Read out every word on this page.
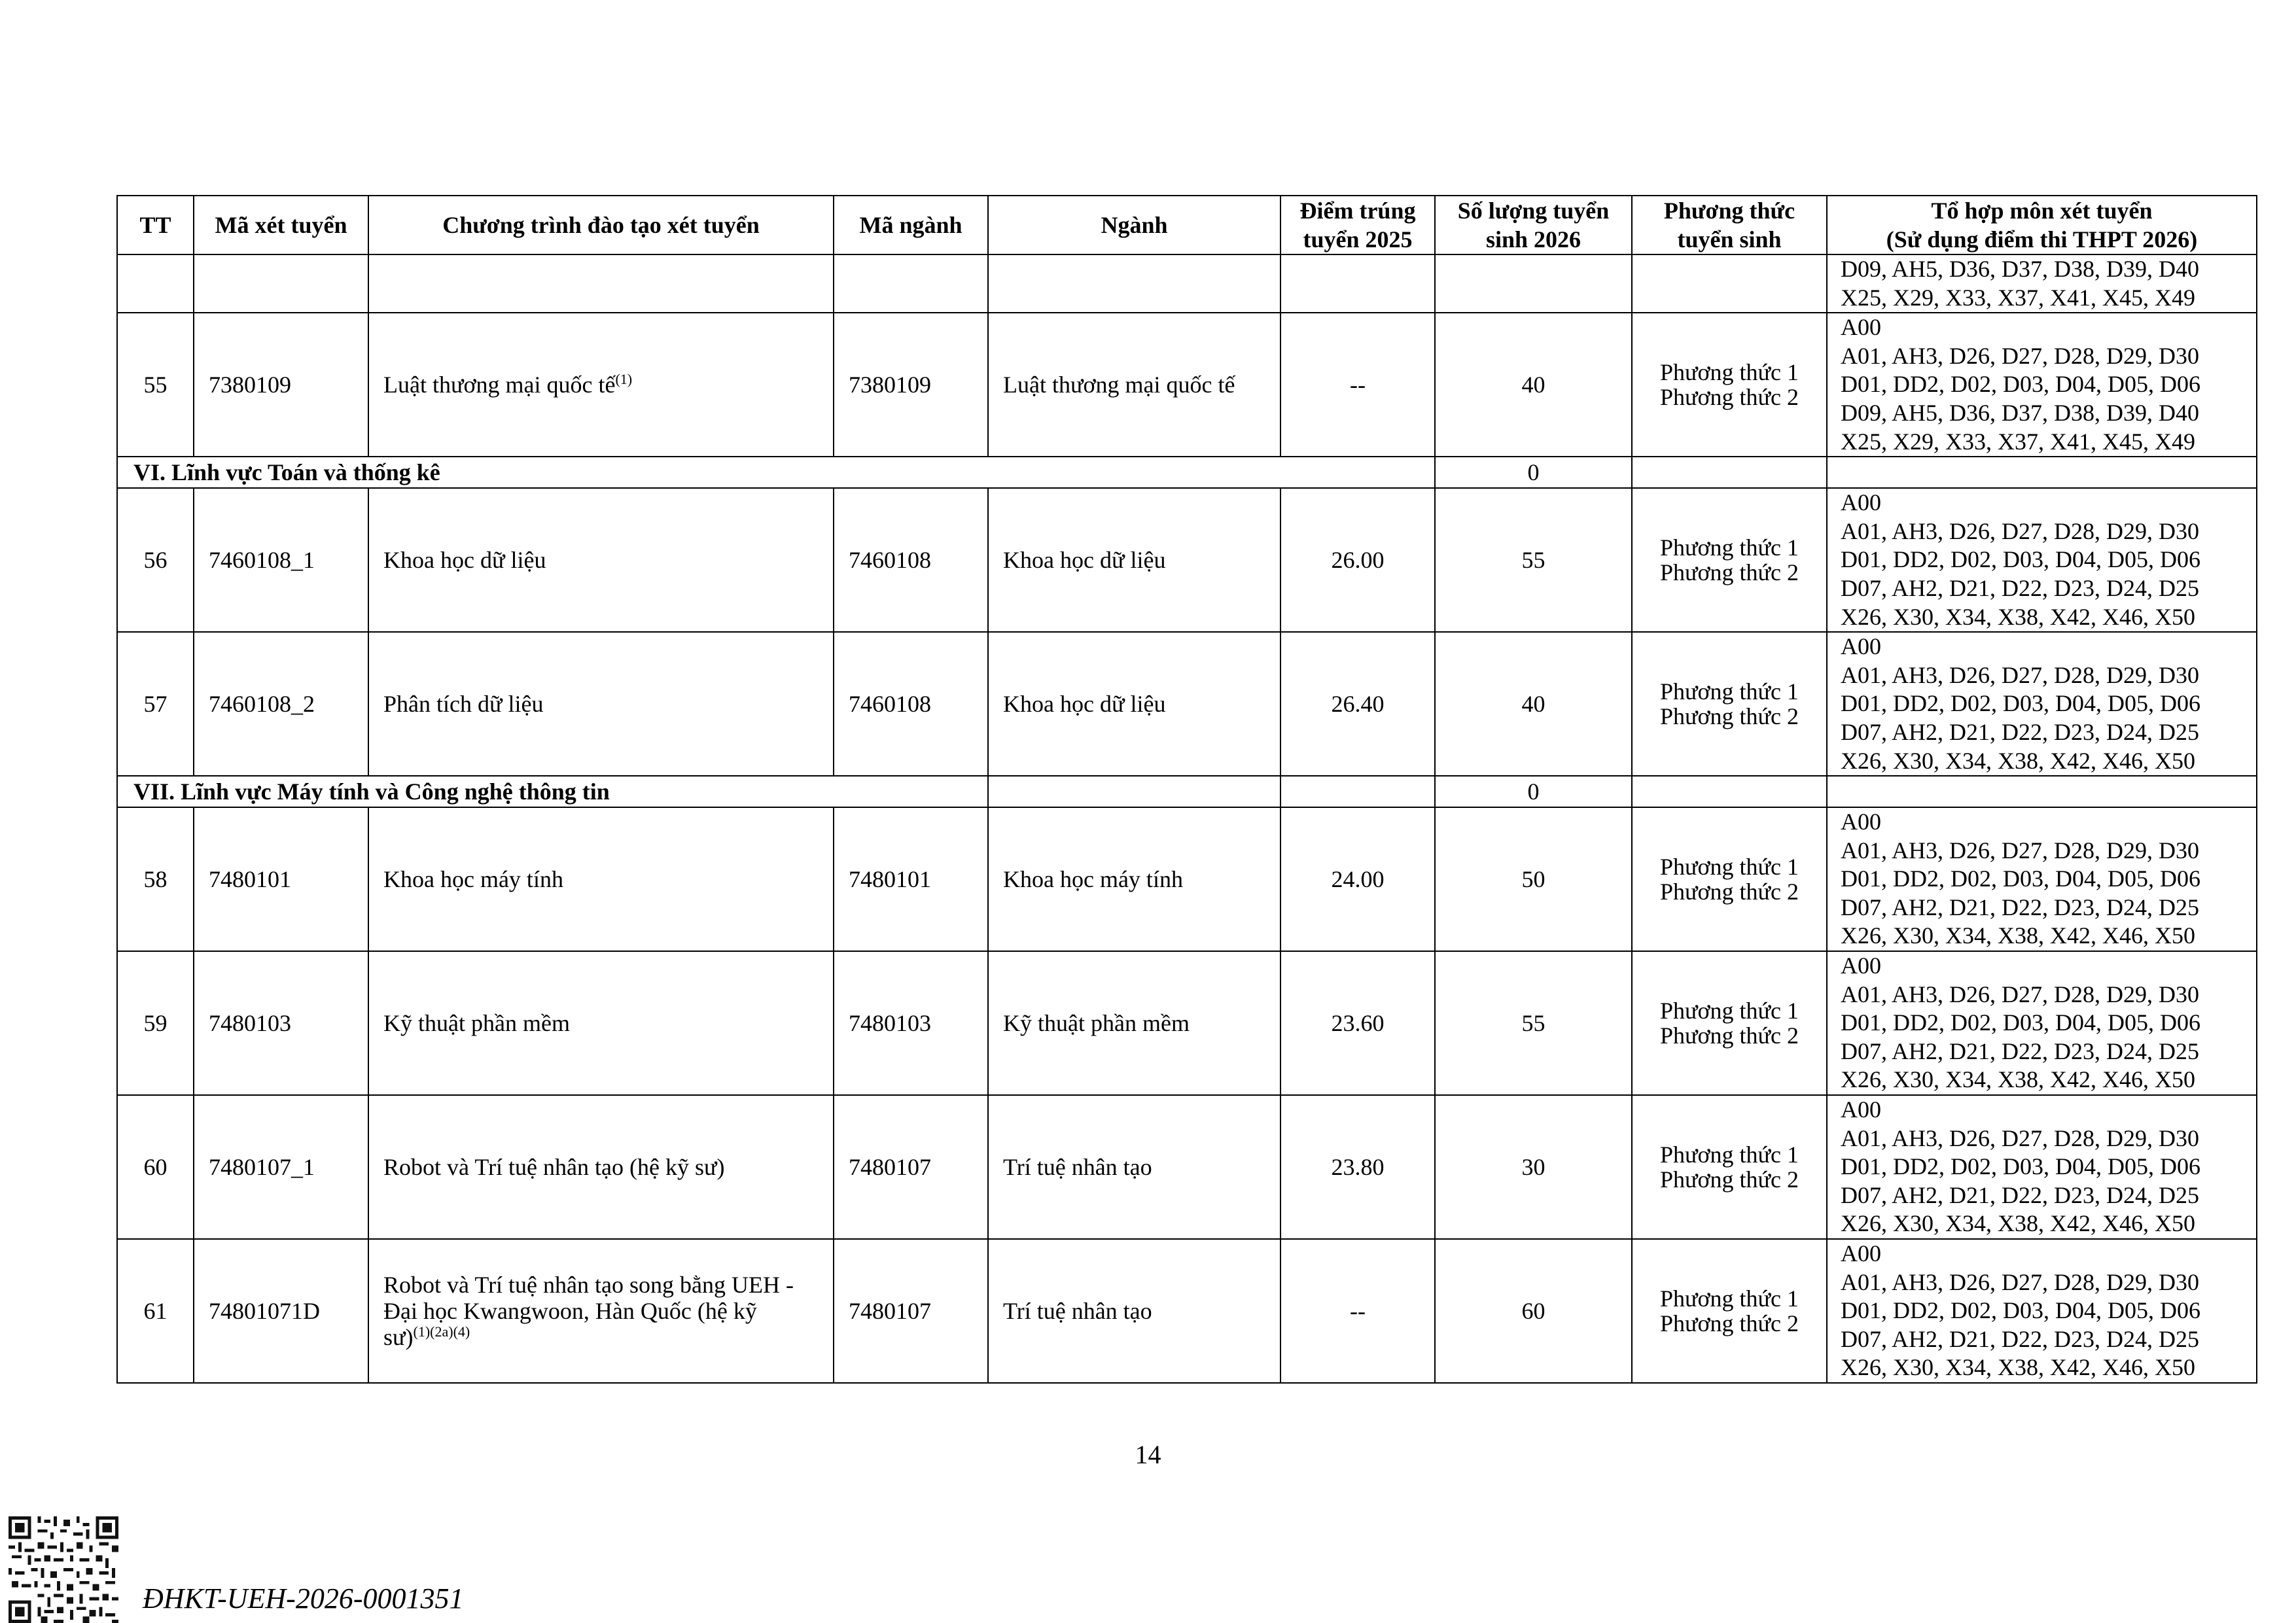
TT	Mã xét tuyển	Chương trình đào tạo xét tuyển	Mã ngành	Ngành	Điểm trúng
tuyển 2025	Số lượng tuyển
sinh 2026	Phương thức
tuyển sinh	Tổ hợp môn xét tuyển
(Sử dụng điểm thi THPT 2026)
								D09, AH5, D36, D37, D38, D39, D40
X25, X29, X33, X37, X41, X45, X49
55	7380109	Luật thương mại quốc tế$^{(1)}$	7380109	Luật thương mại quốc tế	--	40	Phương thức 1
Phương thức 2	A00
A01, AH3, D26, D27, D28, D29, D30
D01, DD2, D02, D03, D04, D05, D06
D09, AH5, D36, D37, D38, D39, D40
X25, X29, X33, X37, X41, X45, X49
VI. Lĩnh vực Toán và thống kê						0		
56	7460108_1	Khoa học dữ liệu	7460108	Khoa học dữ liệu	26.00	55	Phương thức 1
Phương thức 2	A00
A01, AH3, D26, D27, D28, D29, D30
D01, DD2, D02, D03, D04, D05, D06
D07, AH2, D21, D22, D23, D24, D25
X26, X30, X34, X38, X42, X46, X50
57	7460108_2	Phân tích dữ liệu	7460108	Khoa học dữ liệu	26.40	40	Phương thức 1
Phương thức 2	A00
A01, AH3, D26, D27, D28, D29, D30
D01, DD2, D02, D03, D04, D05, D06
D07, AH2, D21, D22, D23, D24, D25
X26, X30, X34, X38, X42, X46, X50
VII. Lĩnh vực Máy tính và Công nghệ thông tin						0		
58	7480101	Khoa học máy tính	7480101	Khoa học máy tính	24.00	50	Phương thức 1
Phương thức 2	A00
A01, AH3, D26, D27, D28, D29, D30
D01, DD2, D02, D03, D04, D05, D06
D07, AH2, D21, D22, D23, D24, D25
X26, X30, X34, X38, X42, X46, X50
59	7480103	Kỹ thuật phần mềm	7480103	Kỹ thuật phần mềm	23.60	55	Phương thức 1
Phương thức 2	A00
A01, AH3, D26, D27, D28, D29, D30
D01, DD2, D02, D03, D04, D05, D06
D07, AH2, D21, D22, D23, D24, D25
X26, X30, X34, X38, X42, X46, X50
60	7480107_1	Robot và Trí tuệ nhân tạo (hệ kỹ sư)	7480107	Trí tuệ nhân tạo	23.80	30	Phương thức 1
Phương thức 2	A00
A01, AH3, D26, D27, D28, D29, D30
D01, DD2, D02, D03, D04, D05, D06
D07, AH2, D21, D22, D23, D24, D25
X26, X30, X34, X38, X42, X46, X50
61	74801071D	Robot và Trí tuệ nhân tạo song bằng UEH -
Đại học Kwangwoon, Hàn Quốc (hệ kỹ
sư)$^{(1)(2a)(4)}$	7480107	Trí tuệ nhân tạo	--	60	Phương thức 1
Phương thức 2	A00
A01, AH3, D26, D27, D28, D29, D30
D01, DD2, D02, D03, D04, D05, D06
D07, AH2, D21, D22, D23, D24, D25
X26, X30, X34, X38, X42, X46, X50
14
ĐHKT-UEH-2026-0001351
